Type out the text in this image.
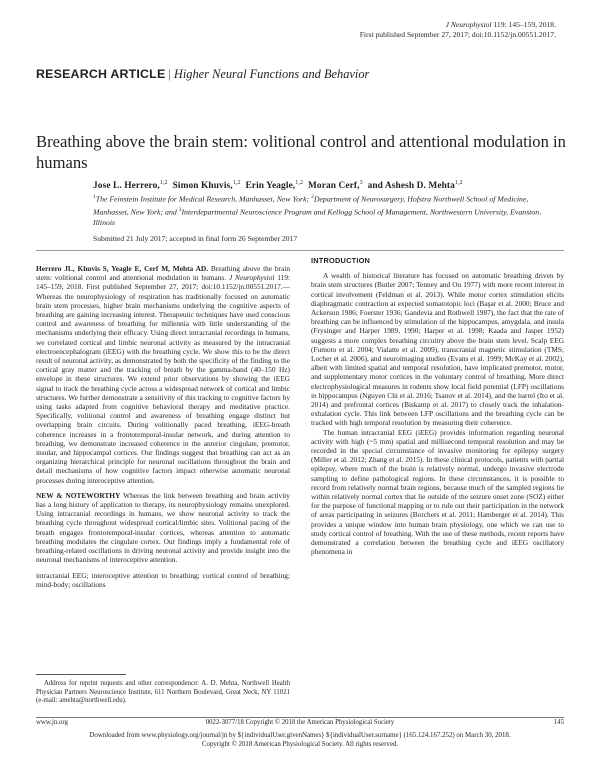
J Neurophysiol 119: 145–159, 2018.
First published September 27, 2017; doi:10.1152/jn.00551.2017.
RESEARCH ARTICLE | Higher Neural Functions and Behavior
Breathing above the brain stem: volitional control and attentional modulation in humans
Jose L. Herrero,$^{1,2}$ Simon Khuvis,$^{1,2}$ Erin Yeagle,$^{1,2}$ Moran Cerf,$^3$ and Ashesh D. Mehta$^{1,2}$
$^1$The Feinstein Institute for Medical Research, Manhasset, New York; $^2$Department of Neurosurgery, Hofstra Northwell School of Medicine, Manhasset, New York; and $^3$Interdepartmental Neuroscience Program and Kellogg School of Management, Northwestern University, Evanston, Illinois
Submitted 21 July 2017; accepted in final form 26 September 2017

Herrero JL, Khuvis S, Yeagle E, Cerf M, Mehta AD. Breathing above the brain stem: volitional control and attentional modulation in humans. J Neurophysiol 119: 145–159, 2018. First published September 27, 2017; doi:10.1152/jn.00551.2017.—Whereas the neurophysiology of respiration has traditionally focused on automatic brain stem processes, higher brain mechanisms underlying the cognitive aspects of breathing are gaining increasing interest. Therapeutic techniques have used conscious control and awareness of breathing for millennia with little understanding of the mechanisms underlying their efficacy. Using direct intracranial recordings in humans, we correlated cortical and limbic neuronal activity as measured by the intracranial electroencephalogram (iEEG) with the breathing cycle. We show this to be the direct result of neuronal activity, as demonstrated by both the specificity of the finding to the cortical gray matter and the tracking of breath by the gamma-band (40–150 Hz) envelope in these structures. We extend prior observations by showing the iEEG signal to track the breathing cycle across a widespread network of cortical and limbic structures. We further demonstrate a sensitivity of this tracking to cognitive factors by using tasks adapted from cognitive behavioral therapy and meditative practice. Specifically, volitional control and awareness of breathing engage distinct but overlapping brain circuits. During volitionally paced breathing, iEEG-breath coherence increases in a frontotemporal-insular network, and during attention to breathing, we demonstrate increased coherence in the anterior cingulate, premotor, insular, and hippocampal cortices. Our findings suggest that breathing can act as an organizing hierarchical principle for neuronal oscillations throughout the brain and detail mechanisms of how cognitive factors impact otherwise automatic neuronal processes during interoceptive attention.

NEW & NOTEWORTHY Whereas the link between breathing and brain activity has a long history of application to therapy, its neurophysiology remains unexplored. Using intracranial recordings in humans, we show neuronal activity to track the breathing cycle throughout widespread cortical/limbic sites. Volitional pacing of the breath engages frontotemporal-insular cortices, whereas attention to automatic breathing modulates the cingulate cortex. Our findings imply a fundamental role of breathing-related oscillations in driving neuronal activity and provide insight into the neuronal mechanisms of interoceptive attention.

intracranial EEG; interoceptive attention to breathing; cortical control of breathing; mind-body; oscillations

Address for reprint requests and other correspondence: A. D. Mehta, Northwell Health Physician Partners Neuroscience Institute, 611 Northern Boulevard, Great Neck, NY 11021 (e-mail: amehta@northwell.edu).

INTRODUCTION

A wealth of historical literature has focused on automatic breathing driven by brain stem structures (Butler 2007; Tenney and Ou 1977) with more recent interest in cortical involvement (Feldman et al. 2013). While motor cortex stimulation elicits diaphragmatic contraction at expected somatotopic loci (Başar et al. 2000; Bruce and Ackerson 1986; Foerster 1936; Gandevia and Rothwell 1987), the fact that the rate of breathing can be influenced by stimulation of the hippocampus, amygdala, and insula (Frysinger and Harper 1989, 1990; Harper et al. 1998; Kaada and Jasper 1952) suggests a more complex breathing circuitry above the brain stem level. Scalp EEG (Fumoto et al. 2004; Vialatte et al. 2009), transcranial magnetic stimulation (TMS; Locher et al. 2006), and neuroimaging studies (Evans et al. 1999; McKay et al. 2002), albeit with limited spatial and temporal resolution, have implicated premotor, motor, and supplementary motor cortices in the voluntary control of breathing. More direct electrophysiological measures in rodents show local field potential (LFP) oscillations in hippocampus (Nguyen Chi et al. 2016; Tsanov et al. 2014), and the barrel (Ito et al. 2014) and prefrontal cortices (Biskamp et al. 2017) to closely track the inhalation-exhalation cycle. This link between LFP oscillations and the breathing cycle can be tracked with high temporal resolution by measuring their coherence.

The human intracranial EEG (iEEG) provides information regarding neuronal activity with high (~5 mm) spatial and millisecond temporal resolution and may be recorded in the special circumstance of invasive monitoring for epilepsy surgery (Miller et al. 2012; Zhang et al. 2015). In these clinical protocols, patients with partial epilepsy, where much of the brain is relatively normal, undergo invasive electrode sampling to define pathological regions. In these circumstances, it is possible to record from relatively normal brain regions, because much of the sampled regions lie within relatively normal cortex that lie outside of the seizure onset zone (SOZ) either for the purpose of functional mapping or to rule out their participation in the network of areas participating in seizures (Borchers et al. 2011; Hamberger et al. 2014). This provides a unique window into human brain physiology, one which we can use to study cortical control of breathing. With the use of these methods, recent reports have demonstrated a correlation between the breathing cycle and iEEG oscillatory phenomena in

0022-3077/18 Copyright © 2018 the American Physiological Society
www.jn.org	145
Downloaded from www.physiology.org/journal/jn by ${individualUser.givenNames} ${individualUser.surname} (165.124.167.252) on March 30, 2018.
Copyright © 2018 American Physiological Society. All rights reserved.
